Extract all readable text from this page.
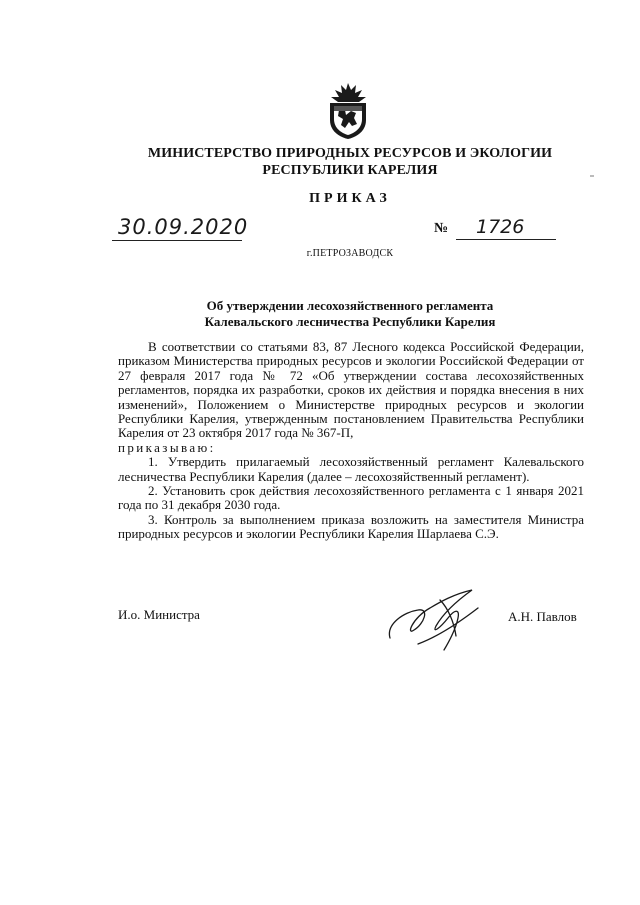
МИНИСТЕРСТВО ПРИРОДНЫХ РЕСУРСОВ И ЭКОЛОГИИ
РЕСПУБЛИКИ КАРЕЛИЯ
ПРИКАЗ
30.09.2020	№ 1726
г.ПЕТРОЗАВОДСК
Об утверждении лесохозяйственного регламента
Калевальского лесничества Республики Карелия

В соответствии со статьями 83, 87 Лесного кодекса Российской Федерации, приказом Министерства природных ресурсов и экологии Российской Федерации от 27 февраля 2017 года № 72 «Об утверждении состава лесохозяйственных регламентов, порядка их разработки, сроков их действия и порядка внесения в них изменений», Положением о Министерстве природных ресурсов и экологии Республики Карелия, утвержденным постановлением Правительства Республики Карелия от 23 октября 2017 года № 367-П,

приказываю:

1. Утвердить прилагаемый лесохозяйственный регламент Калевальского лесничества Республики Карелия (далее – лесохозяйственный регламент).

2. Установить срок действия лесохозяйственного регламента с 1 января 2021 года по 31 декабря 2030 года.

3. Контроль за выполнением приказа возложить на заместителя Министра природных ресурсов и экологии Республики Карелия Шарлаева С.Э.

И.о. Министра	А.Н. Павлов
